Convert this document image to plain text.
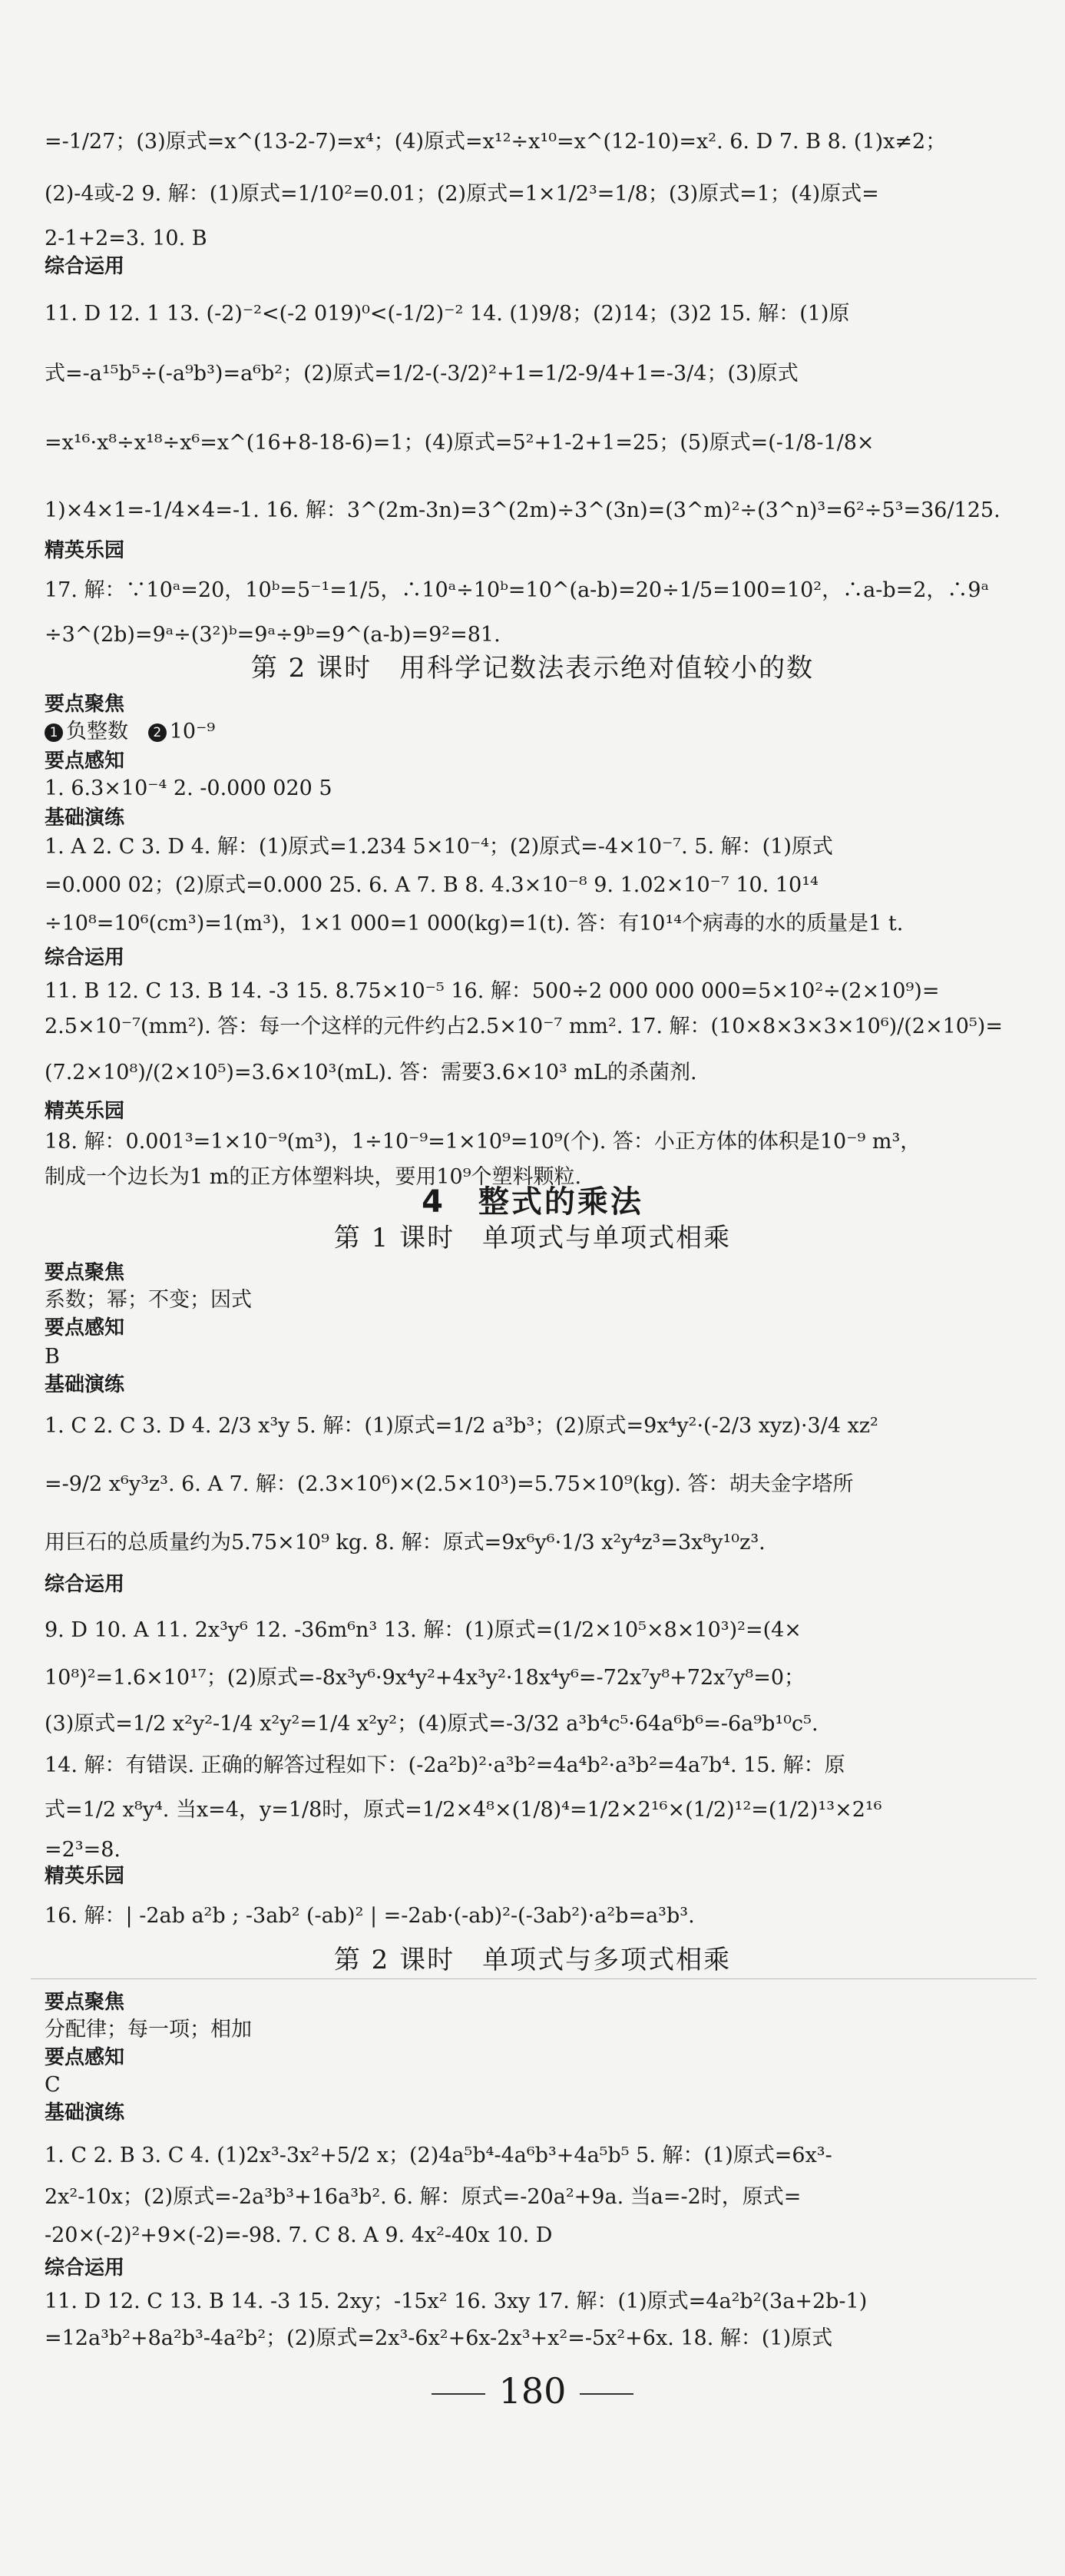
=-1/27；(3)原式=x^(13-2-7)=x⁴；(4)原式=x¹²÷x¹⁰=x^(12-10)=x². 6. D 7. B 8. (1)x≠2；
(2)-4或-2 9. 解：(1)原式=1/10²=0.01；(2)原式=1×1/2³=1/8；(3)原式=1；(4)原式=
2-1+2=3. 10. B
综合运用
11. D 12. 1 13. (-2)⁻²<(-2 019)⁰<(-1/2)⁻² 14. (1)9/8；(2)14；(3)2 15. 解：(1)原
式=-a¹⁵b⁵÷(-a⁹b³)=a⁶b²；(2)原式=1/2-(-3/2)²+1=1/2-9/4+1=-3/4；(3)原式
=x¹⁶·x⁸÷x¹⁸÷x⁶=x^(16+8-18-6)=1；(4)原式=5²+1-2+1=25；(5)原式=(-1/8-1/8×
1)×4×1=-1/4×4=-1. 16. 解：3^(2m-3n)=3^(2m)÷3^(3n)=(3^m)²÷(3^n)³=6²÷5³=36/125.
精英乐园
17. 解：∵10ᵃ=20，10ᵇ=5⁻¹=1/5，∴10ᵃ÷10ᵇ=10^(a-b)=20÷1/5=100=10²，∴a-b=2，∴9ᵃ
÷3^(2b)=9ᵃ÷(3²)ᵇ=9ᵃ÷9ᵇ=9^(a-b)=9²=81.
第 2 课时　用科学记数法表示绝对值较小的数
要点聚焦
1 负整数 2 10⁻⁹
要点感知
1. 6.3×10⁻⁴ 2. -0.000 020 5
基础演练
1. A 2. C 3. D 4. 解：(1)原式=1.234 5×10⁻⁴；(2)原式=-4×10⁻⁷. 5. 解：(1)原式
=0.000 02；(2)原式=0.000 25. 6. A 7. B 8. 4.3×10⁻⁸ 9. 1.02×10⁻⁷ 10. 10¹⁴
÷10⁸=10⁶(cm³)=1(m³)，1×1 000=1 000(kg)=1(t). 答：有10¹⁴个病毒的水的质量是1 t.
综合运用
11. B 12. C 13. B 14. -3 15. 8.75×10⁻⁵ 16. 解：500÷2 000 000 000=5×10²÷(2×10⁹)=
2.5×10⁻⁷(mm²). 答：每一个这样的元件约占2.5×10⁻⁷ mm². 17. 解：(10×8×3×3×10⁶)/(2×10⁵)=
(7.2×10⁸)/(2×10⁵)=3.6×10³(mL). 答：需要3.6×10³ mL的杀菌剂.
精英乐园
18. 解：0.001³=1×10⁻⁹(m³)，1÷10⁻⁹=1×10⁹=10⁹(个). 答：小正方体的体积是10⁻⁹ m³，
制成一个边长为1 m的正方体塑料块，要用10⁹个塑料颗粒.
4　整式的乘法
第 1 课时　单项式与单项式相乘
要点聚焦
系数；幂；不变；因式
要点感知
B
基础演练
1. C 2. C 3. D 4. 2/3 x³y 5. 解：(1)原式=1/2 a³b³；(2)原式=9x⁴y²·(-2/3 xyz)·3/4 xz²
=-9/2 x⁶y³z³. 6. A 7. 解：(2.3×10⁶)×(2.5×10³)=5.75×10⁹(kg). 答：胡夫金字塔所
用巨石的总质量约为5.75×10⁹ kg. 8. 解：原式=9x⁶y⁶·1/3 x²y⁴z³=3x⁸y¹⁰z³.
综合运用
9. D 10. A 11. 2x³y⁶ 12. -36m⁶n³ 13. 解：(1)原式=(1/2×10⁵×8×10³)²=(4×
10⁸)²=1.6×10¹⁷；(2)原式=-8x³y⁶·9x⁴y²+4x³y²·18x⁴y⁶=-72x⁷y⁸+72x⁷y⁸=0；
(3)原式=1/2 x²y²-1/4 x²y²=1/4 x²y²；(4)原式=-3/32 a³b⁴c⁵·64a⁶b⁶=-6a⁹b¹⁰c⁵.
14. 解：有错误. 正确的解答过程如下：(-2a²b)²·a³b²=4a⁴b²·a³b²=4a⁷b⁴. 15. 解：原
式=1/2 x⁸y⁴. 当x=4，y=1/8时，原式=1/2×4⁸×(1/8)⁴=1/2×2¹⁶×(1/2)¹²=(1/2)¹³×2¹⁶
=2³=8.
精英乐园
16. 解：| -2ab a²b ; -3ab² (-ab)² | =-2ab·(-ab)²-(-3ab²)·a²b=a³b³.
第 2 课时　单项式与多项式相乘
要点聚焦
分配律；每一项；相加
要点感知
C
基础演练
1. C 2. B 3. C 4. (1)2x³-3x²+5/2 x；(2)4a⁵b⁴-4a⁶b³+4a⁵b⁵ 5. 解：(1)原式=6x³-
2x²-10x；(2)原式=-2a³b³+16a³b². 6. 解：原式=-20a²+9a. 当a=-2时，原式=
-20×(-2)²+9×(-2)=-98. 7. C 8. A 9. 4x²-40x 10. D
综合运用
11. D 12. C 13. B 14. -3 15. 2xy；-15x² 16. 3xy 17. 解：(1)原式=4a²b²(3a+2b-1)
=12a³b²+8a²b³-4a²b²；(2)原式=2x³-6x²+6x-2x³+x²=-5x²+6x. 18. 解：(1)原式
180
